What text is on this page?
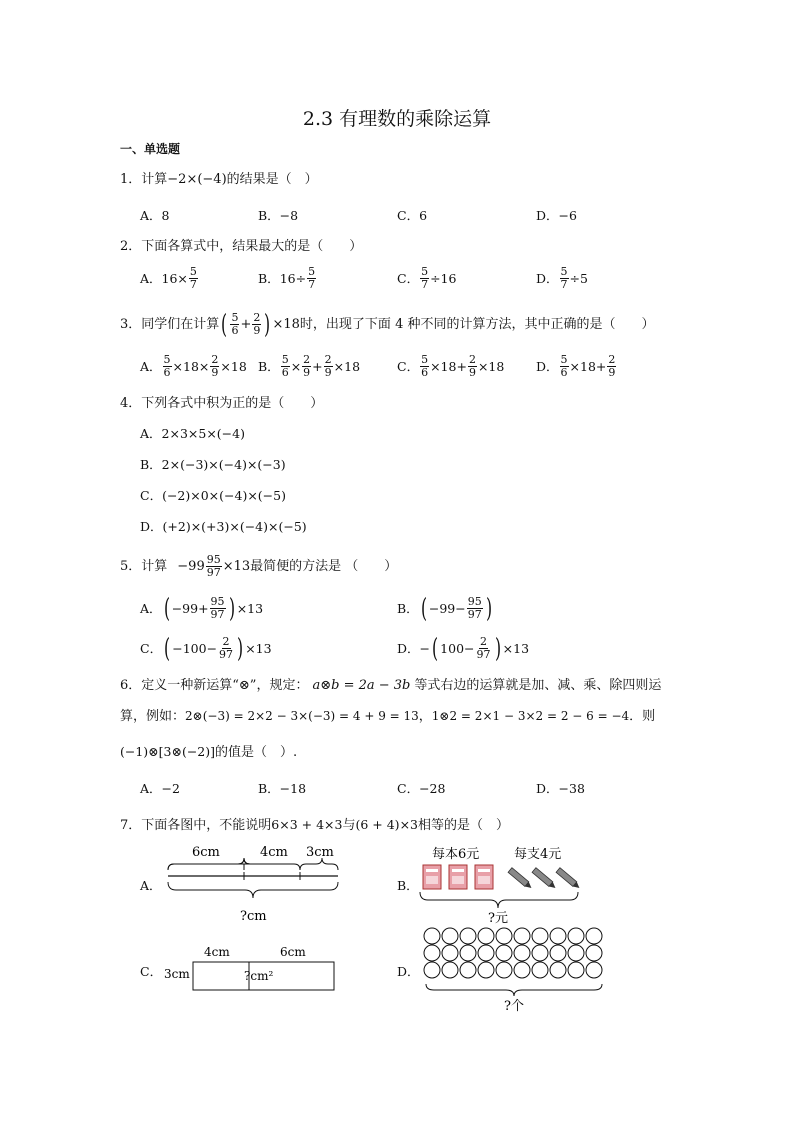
2.3 有理数的乘除运算
一、单选题
1．计算−2×(−4)的结果是（　）
A．8	B．−8	C．6	D．−6
2．下面各算式中，结果最大的是（　　）
A． $16\times \frac{5}{7}$	B． $16\div \frac{5}{7}$	C． $\frac{5}{7} \div 16$	D． $\frac{5}{7} \div 5$
3．同学们在计算 ( $\frac{5}{6} + \frac{2}{9}$ ) ×18时，出现了下面 4 种不同的计算方法，其中正确的是（　　）
A． $\frac{5}{6} \times 18\times \frac{2}{9} \times 18$ B． $\frac{5}{6} \times \frac{2}{9} + \frac{2}{9} \times 18$	C． $\frac{5}{6} \times 18+ \frac{2}{9} \times 18$	D． $\frac{5}{6} \times 18+ \frac{2}{9}$
4．下列各式中积为正的是（　　）
A．2×3×5×(−4)
B．2×(−3)×(−4)×(−3)
C．(−2)×0×(−4)×(−5)
D．(+2)×(+3)×(−4)×(−5)
5．计算 $-99 \frac{95}{97} \times 13$ 最简便的方法是 （　　）
A． ( $-99+ \frac{95}{97}$ ) ×13	B． ( $-99- \frac{95}{97}$ )
C． ( $-100- \frac{2}{97}$ ) ×13	D． − ( $100- \frac{2}{97}$ ) ×13
6．定义一种新运算“⊗”，规定： a⊗b = 2a − 3b 等式右边的运算就是加、减、乘、除四则运
算，例如：2⊗(−3) = 2×2 − 3×(−3) = 4 + 9 = 13，1⊗2 = 2×1 − 3×2 = 2 − 6 = −4．则
(−1)⊗[3⊗(−2)]的值是（　）.
A．−2	B．−18	C．−28	D．−38
7．下面各图中，不能说明6×3 + 4×3与(6 + 4)×3相等的是（　）
A．
6cm	4cm 3cm
?cm
B．
每本6元	每支4元
?元
C．
4cm	6cm
3cm	?cm²	D．
?个
